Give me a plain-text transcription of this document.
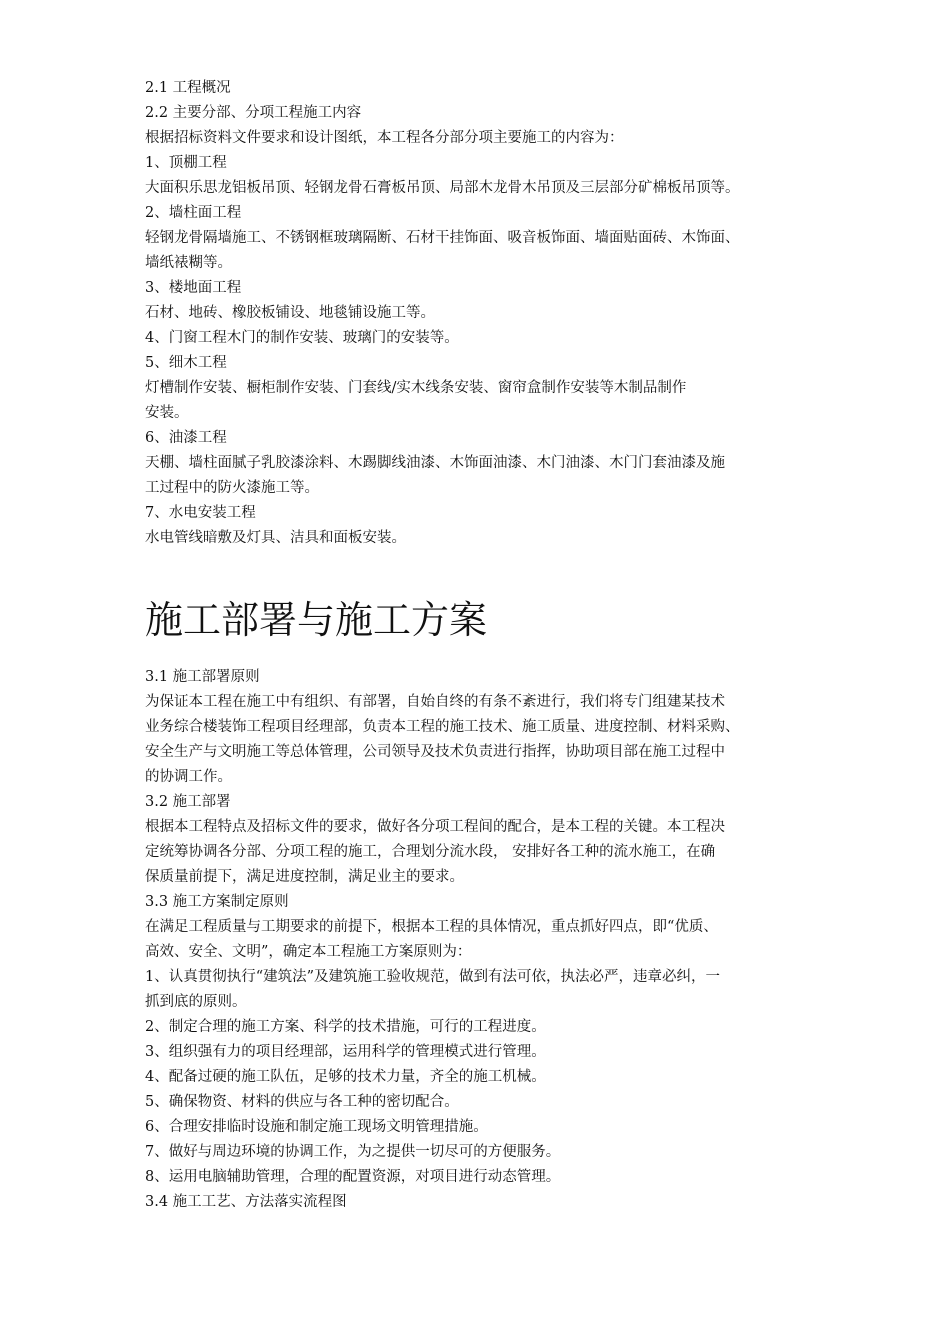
2.1 工程概况

2.2 主要分部、分项工程施工内容

根据招标资料文件要求和设计图纸，本工程各分部分项主要施工的内容为：

1、顶棚工程

大面积乐思龙铝板吊顶、轻钢龙骨石膏板吊顶、局部木龙骨木吊顶及三层部分矿棉板吊顶等。

2、墙柱面工程

轻钢龙骨隔墙施工、不锈钢框玻璃隔断、石材干挂饰面、吸音板饰面、墙面贴面砖、木饰面、

墙纸裱糊等。

3、楼地面工程

石材、地砖、橡胶板铺设、地毯铺设施工等。

4、门窗工程木门的制作安装、玻璃门的安装等。

5、细木工程

灯槽制作安装、橱柜制作安装、门套线/实木线条安装、窗帘盒制作安装等木制品制作

安装。

6、油漆工程

天棚、墙柱面腻子乳胶漆涂料、木踢脚线油漆、木饰面油漆、木门油漆、木门门套油漆及施

工过程中的防火漆施工等。

7、水电安装工程

水电管线暗敷及灯具、洁具和面板安装。

施工部署与施工方案

3.1 施工部署原则

为保证本工程在施工中有组织、有部署，自始自终的有条不紊进行，我们将专门组建某技术

业务综合楼装饰工程项目经理部，负责本工程的施工技术、施工质量、进度控制、材料采购、

安全生产与文明施工等总体管理，公司领导及技术负责进行指挥，协助项目部在施工过程中

的协调工作。

3.2 施工部署

根据本工程特点及招标文件的要求，做好各分项工程间的配合，是本工程的关键。本工程决

定统筹协调各分部、分项工程的施工，合理划分流水段， 安排好各工种的流水施工，在确

保质量前提下，满足进度控制，满足业主的要求。

3.3 施工方案制定原则

在满足工程质量与工期要求的前提下，根据本工程的具体情况，重点抓好四点，即“优质、

高效、安全、文明”，确定本工程施工方案原则为：

1、认真贯彻执行“建筑法”及建筑施工验收规范，做到有法可依，执法必严，违章必纠，一

抓到底的原则。

2、制定合理的施工方案、科学的技术措施，可行的工程进度。

3、组织强有力的项目经理部，运用科学的管理模式进行管理。

4、配备过硬的施工队伍，足够的技术力量，齐全的施工机械。

5、确保物资、材料的供应与各工种的密切配合。

6、合理安排临时设施和制定施工现场文明管理措施。

7、做好与周边环境的协调工作，为之提供一切尽可的方便服务。

8、运用电脑辅助管理，合理的配置资源，对项目进行动态管理。

3.4 施工工艺、方法落实流程图
